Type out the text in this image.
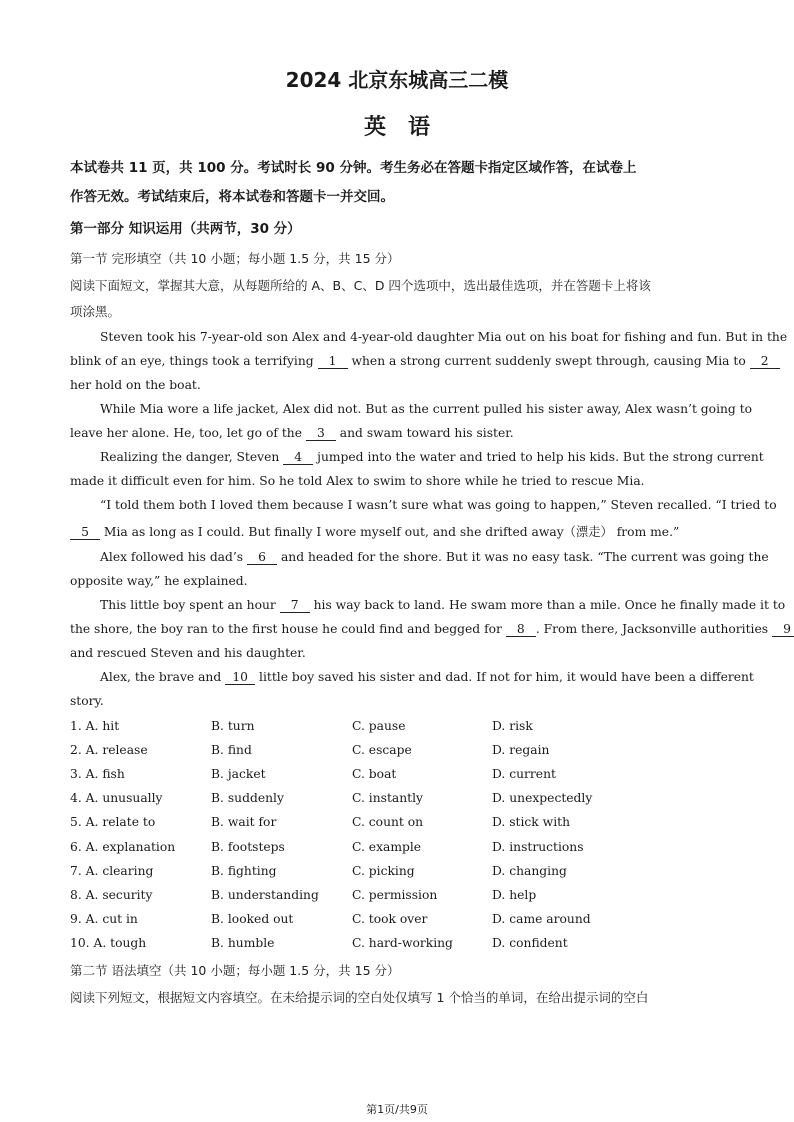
2024 北京东城高三二模
英语
本试卷共 11 页，共 100 分。考试时长 90 分钟。考生务必在答题卡指定区域作答，在试卷上
作答无效。考试结束后，将本试卷和答题卡一并交回。
第一部分 知识运用（共两节，30 分）
第一节 完形填空（共 10 小题；每小题 1.5 分，共 15 分）
阅读下面短文，掌握其大意，从每题所给的 A、B、C、D 四个选项中，选出最佳选项，并在答题卡上将该
项涂黑。
Steven took his 7-year-old son Alex and 4-year-old daughter Mia out on his boat for fishing and fun. But in the
blink of an eye, things took a terrifying 1 when a strong current suddenly swept through, causing Mia to 2
her hold on the boat.
While Mia wore a life jacket, Alex did not. But as the current pulled his sister away, Alex wasn’t going to
leave her alone. He, too, let go of the 3 and swam toward his sister.
Realizing the danger, Steven 4 jumped into the water and tried to help his kids. But the strong current
made it difficult even for him. So he told Alex to swim to shore while he tried to rescue Mia.
“I told them both I loved them because I wasn’t sure what was going to happen,” Steven recalled. “I tried to
5 Mia as long as I could. But finally I wore myself out, and she drifted away（漂走） from me.”
Alex followed his dad’s 6 and headed for the shore. But it was no easy task. “The current was going the
opposite way,” he explained.
This little boy spent an hour 7 his way back to land. He swam more than a mile. Once he finally made it to
the shore, the boy ran to the first house he could find and begged for 8 . From there, Jacksonville authorities 9
and rescued Steven and his daughter.
Alex, the brave and 10 little boy saved his sister and dad. If not for him, it would have been a different
story.
1. A. hit	B. turn	C. pause	D. risk
2. A. release	B. find	C. escape	D. regain
3. A. fish	B. jacket	C. boat	D. current
4. A. unusually	B. suddenly	C. instantly	D. unexpectedly
5. A. relate to	B. wait for	C. count on	D. stick with
6. A. explanation	B. footsteps	C. example	D. instructions
7. A. clearing	B. fighting	C. picking	D. changing
8. A. security	B. understanding	C. permission	D. help
9. A. cut in	B. looked out	C. took over	D. came around
10. A. tough	B. humble	C. hard-working	D. confident
第二节 语法填空（共 10 小题；每小题 1.5 分，共 15 分）
阅读下列短文，根据短文内容填空。在未给提示词的空白处仅填写 1 个恰当的单词，在给出提示词的空白
第1页/共9页
